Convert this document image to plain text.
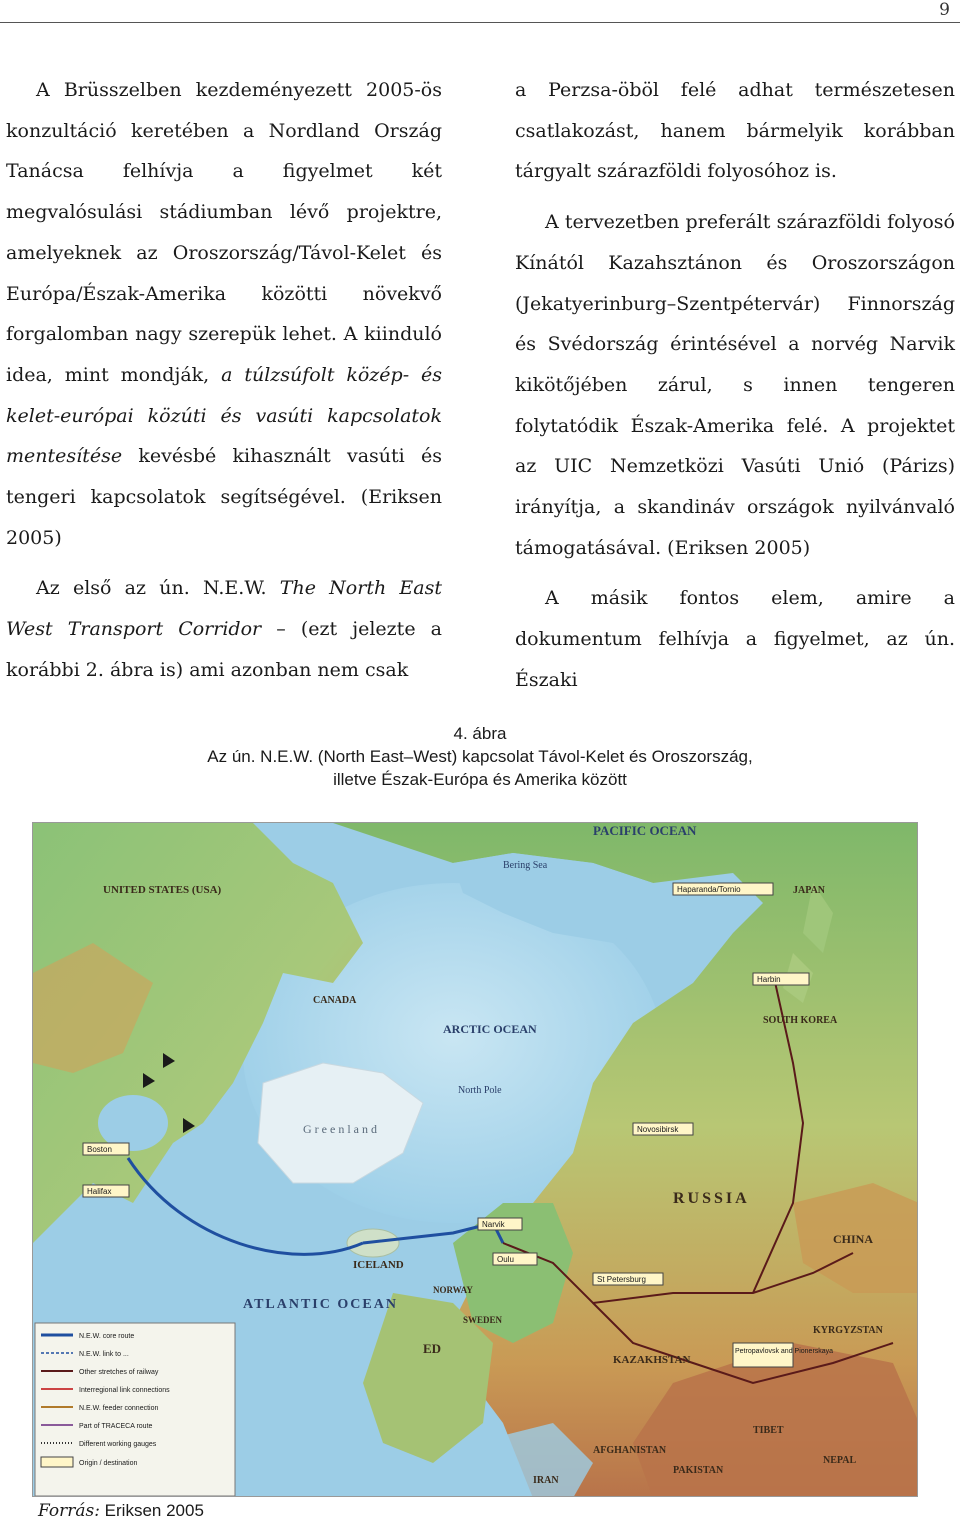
9

A Brüsszelben kezdeményezett 2005-ös konzultáció keretében a Nordland Ország Tanácsa felhívja a figyelmet két megvalósulási stádiumban lévő projektre, amelyeknek az Oroszország/Távol-Kelet és Európa/Észak-Amerika közötti növekvő forgalomban nagy szerepük lehet. A kiinduló idea, mint mondják, a túlzsúfolt közép- és kelet-európai közúti és vasúti kapcsolatok mentesítése kevésbé kihasznált vasúti és tengeri kapcsolatok segítségével. (Eriksen 2005)

Az első az ún. N.E.W. The North East West Transport Corridor – (ezt jelezte a korábbi 2. ábra is) ami azonban nem csak

a Perzsa-öböl felé adhat természetesen csatlakozást, hanem bármelyik korábban tárgyalt szárazföldi folyosóhoz is.

A tervezetben preferált szárazföldi folyosó Kínától Kazahsztánon és Oroszországon (Jekatyerinburg–Szentpétervár) Finnország és Svédország érintésével a norvég Narvik kikötőjében zárul, s innen tengeren folytatódik Észak-Amerika felé. A projektet az UIC Nemzetközi Vasúti Unió (Párizs) irányítja, a skandináv országok nyilvánvaló támogatásával. (Eriksen 2005)

A másik fontos elem, amire a dokumentum felhívja a figyelmet, az ún. Északi

4. ábra
Az ún. N.E.W. (North East–West) kapcsolat Távol-Kelet és Oroszország,
illetve Észak-Európa és Amerika között
Boston
Halifax
Narvik
Oulu
St Petersburg
Novosibirsk
Haparanda/Tornio
Harbin
Petropavlovsk and Pionerskaya
PACIFIC OCEAN
Bering Sea
UNITED STATES (USA)
CANADA
ARCTIC OCEAN
North Pole
Greenland
ICELAND
ATLANTIC OCEAN
JAPAN
SOUTH KOREA
KAZAKHSTAN
KYRGYZSTAN
RUSSIA
CHINA
TIBET
NEPAL
PAKISTAN
AFGHANISTAN
IRAN
ED
NORWAY
SWEDEN
N.E.W. core route
N.E.W. link to ...
Other stretches of railway
Interregional link connections
N.E.W. feeder connection
Part of TRACECA route
Different working gauges
Origin / destination
Forrás: Eriksen 2005
